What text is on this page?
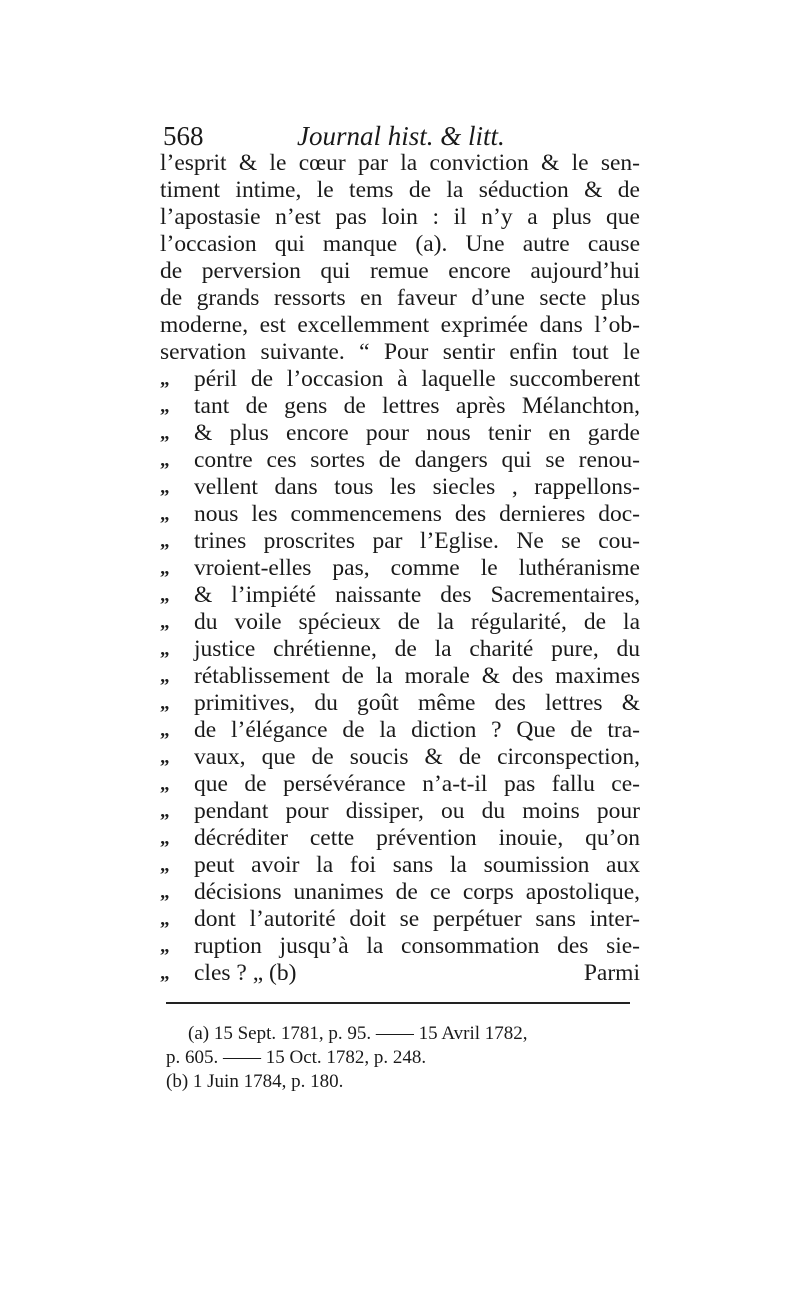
568	Journal hist. & litt.
l’esprit & le cœur par la conviction & le sen-
timent intime, le tems de la séduction & de
l’apostasie n’est pas loin : il n’y a plus que
l’occasion qui manque (a). Une autre cause
de perversion qui remue encore aujourd’hui
de grands ressorts en faveur d’une secte plus
moderne, est excellemment exprimée dans l’ob-
servation suivante. “ Pour sentir enfin tout le
„	péril de l’occasion à laquelle succomberent
„	tant de gens de lettres après Mélanchton,
„	& plus encore pour nous tenir en garde
„	contre ces sortes de dangers qui se renou-
„	vellent dans tous les siecles , rappellons-
„	nous les commencemens des dernieres doc-
„	trines proscrites par l’Eglise. Ne se cou-
„	vroient-elles pas, comme le luthéranisme
„	& l’impiété naissante des Sacrementaires,
„	du voile spécieux de la régularité, de la
„	justice chrétienne, de la charité pure, du
„	rétablissement de la morale & des maximes
„	primitives, du goût même des lettres &
„	de l’élégance de la diction ? Que de tra-
„	vaux, que de soucis & de circonspection,
„	que de persévérance n’a-t-il pas fallu ce-
„	pendant pour dissiper, ou du moins pour
„	décréditer cette prévention inouie, qu’on
„	peut avoir la foi sans la soumission aux
„	décisions unanimes de ce corps apostolique,
„	dont l’autorité doit se perpétuer sans inter-
„	ruption jusqu’à la consommation des sie-
„	cles ? „ (b)	Parmi
(a) 15 Sept. 1781, p. 95. —— 15 Avril 1782,
p. 605. —— 15 Oct. 1782, p. 248.
(b) 1 Juin 1784, p. 180.
